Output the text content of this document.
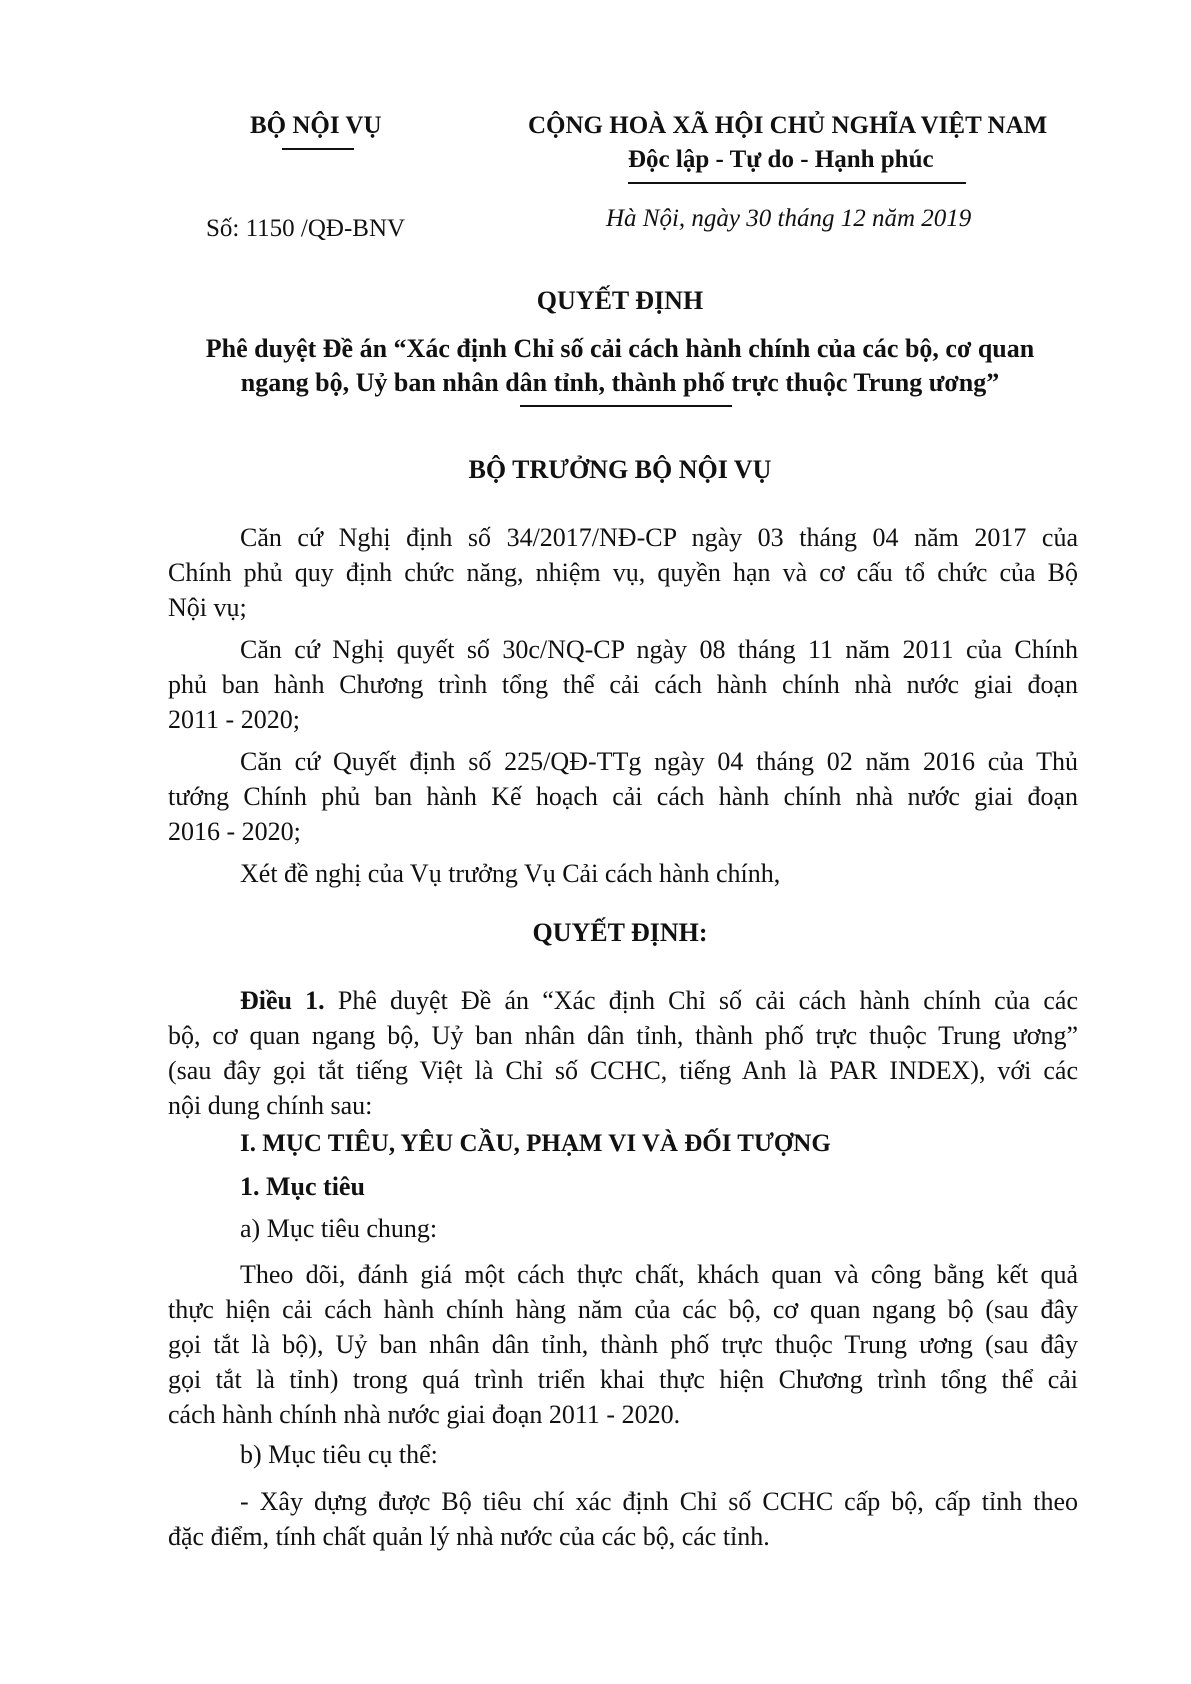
BỘ NỘI VỤ	CỘNG HOÀ XÃ HỘI CHỦ NGHĨA VIỆT NAM
Độc lập - Tự do - Hạnh phúc
Số: 1150 /QĐ-BNV	Hà Nội, ngày 30 tháng 12 năm 2019
QUYẾT ĐỊNH
Phê duyệt Đề án “Xác định Chỉ số cải cách hành chính của các bộ, cơ quan
ngang bộ, Uỷ ban nhân dân tỉnh, thành phố trực thuộc Trung ương”
BỘ TRƯỞNG BỘ NỘI VỤ
Căn cứ Nghị định số 34/2017/NĐ-CP ngày 03 tháng 04 năm 2017 của
Chính phủ quy định chức năng, nhiệm vụ, quyền hạn và cơ cấu tổ chức của Bộ
Nội vụ;
Căn cứ Nghị quyết số 30c/NQ-CP ngày 08 tháng 11 năm 2011 của Chính
phủ ban hành Chương trình tổng thể cải cách hành chính nhà nước giai đoạn
2011 - 2020;
Căn cứ Quyết định số 225/QĐ-TTg ngày 04 tháng 02 năm 2016 của Thủ
tướng Chính phủ ban hành Kế hoạch cải cách hành chính nhà nước giai đoạn
2016 - 2020;
Xét đề nghị của Vụ trưởng Vụ Cải cách hành chính,
QUYẾT ĐỊNH:
Điều 1. Phê duyệt Đề án “Xác định Chỉ số cải cách hành chính của các
bộ, cơ quan ngang bộ, Uỷ ban nhân dân tỉnh, thành phố trực thuộc Trung ương”
(sau đây gọi tắt tiếng Việt là Chỉ số CCHC, tiếng Anh là PAR INDEX), với các
nội dung chính sau:
I. MỤC TIÊU, YÊU CẦU, PHẠM VI VÀ ĐỐI TƯỢNG
1. Mục tiêu
a) Mục tiêu chung:
Theo dõi, đánh giá một cách thực chất, khách quan và công bằng kết quả
thực hiện cải cách hành chính hàng năm của các bộ, cơ quan ngang bộ (sau đây
gọi tắt là bộ), Uỷ ban nhân dân tỉnh, thành phố trực thuộc Trung ương (sau đây
gọi tắt là tỉnh) trong quá trình triển khai thực hiện Chương trình tổng thể cải
cách hành chính nhà nước giai đoạn 2011 - 2020.
b) Mục tiêu cụ thể:
- Xây dựng được Bộ tiêu chí xác định Chỉ số CCHC cấp bộ, cấp tỉnh theo
đặc điểm, tính chất quản lý nhà nước của các bộ, các tỉnh.
